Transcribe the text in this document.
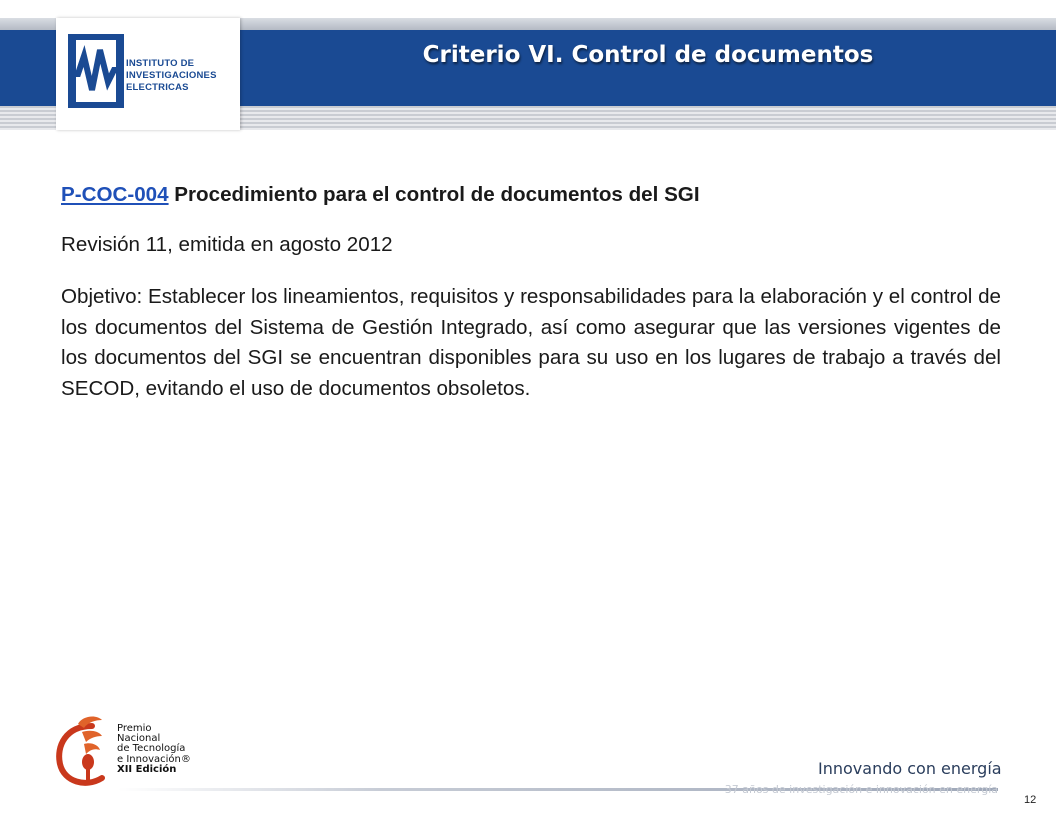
INSTITUTO DE
INVESTIGACIONES
ELECTRICAS
Criterio VI. Control de documentos

P-COC-004 Procedimiento para el control de documentos del SGI

Revisión 11, emitida en agosto 2012

Objetivo: Establecer los lineamientos, requisitos y responsabilidades para la elaboración y el control de los documentos del Sistema de Gestión Integrado, así como asegurar que las versiones vigentes de los documentos del SGI se encuentran disponibles para su uso en los lugares de trabajo a través del SECOD, evitando el uso de documentos obsoletos.

Premio
Nacional
de Tecnología
e Innovación®
XII Edición	Innovando con energía
37 años de investigación e innovación en energía
12
